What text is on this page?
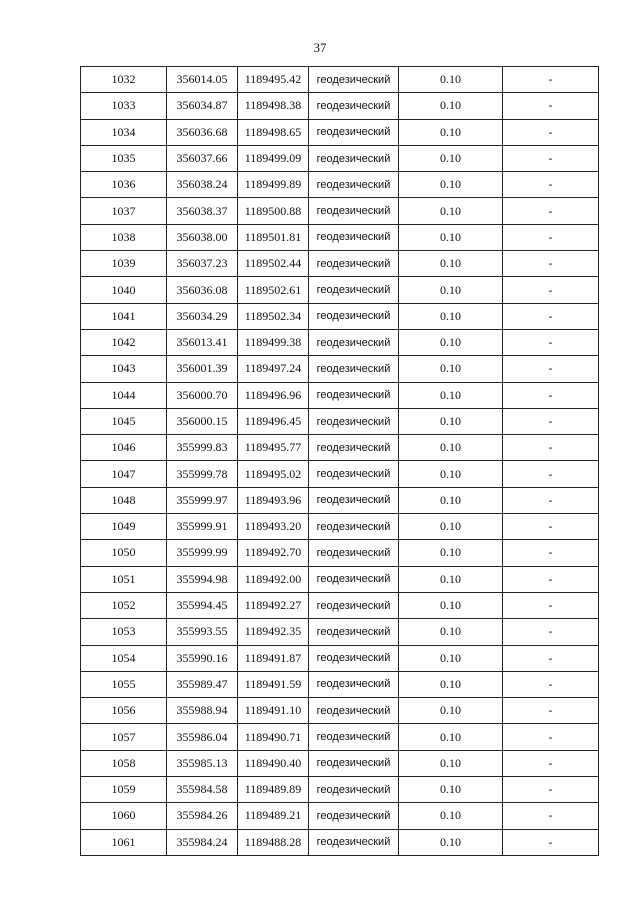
37
1032	356014.05	1189495.42	геодезический	0.10	-
1033	356034.87	1189498.38	геодезический	0.10	-
1034	356036.68	1189498.65	геодезический	0.10	-
1035	356037.66	1189499.09	геодезический	0.10	-
1036	356038.24	1189499.89	геодезический	0.10	-
1037	356038.37	1189500.88	геодезический	0.10	-
1038	356038.00	1189501.81	геодезический	0.10	-
1039	356037.23	1189502.44	геодезический	0.10	-
1040	356036.08	1189502.61	геодезический	0.10	-
1041	356034.29	1189502.34	геодезический	0.10	-
1042	356013.41	1189499.38	геодезический	0.10	-
1043	356001.39	1189497.24	геодезический	0.10	-
1044	356000.70	1189496.96	геодезический	0.10	-
1045	356000.15	1189496.45	геодезический	0.10	-
1046	355999.83	1189495.77	геодезический	0.10	-
1047	355999.78	1189495.02	геодезический	0.10	-
1048	355999.97	1189493.96	геодезический	0.10	-
1049	355999.91	1189493.20	геодезический	0.10	-
1050	355999.99	1189492.70	геодезический	0.10	-
1051	355994.98	1189492.00	геодезический	0.10	-
1052	355994.45	1189492.27	геодезический	0.10	-
1053	355993.55	1189492.35	геодезический	0.10	-
1054	355990.16	1189491.87	геодезический	0.10	-
1055	355989.47	1189491.59	геодезический	0.10	-
1056	355988.94	1189491.10	геодезический	0.10	-
1057	355986.04	1189490.71	геодезический	0.10	-
1058	355985.13	1189490.40	геодезический	0.10	-
1059	355984.58	1189489.89	геодезический	0.10	-
1060	355984.26	1189489.21	геодезический	0.10	-
1061	355984.24	1189488.28	геодезический	0.10	-
